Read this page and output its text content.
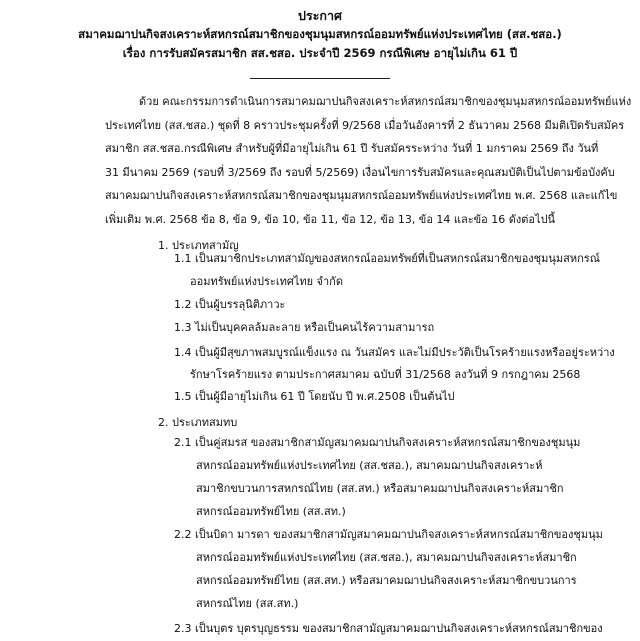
ประกาศ
สมาคมฌาปนกิจสงเคราะห์สหกรณ์สมาชิกของชุมนุมสหกรณ์ออมทรัพย์แห่งประเทศไทย (สส.ชสอ.)
เรื่อง การรับสมัครสมาชิก สส.ชสอ. ประจำปี 2569 กรณีพิเศษ อายุไม่เกิน 61 ปี
ด้วย คณะกรรมการดำเนินการสมาคมฌาปนกิจสงเคราะห์สหกรณ์สมาชิกของชุมนุมสหกรณ์ออมทรัพย์แห่ง
ประเทศไทย (สส.ชสอ.) ชุดที่ 8 คราวประชุมครั้งที่ 9/2568 เมื่อวันอังคารที่ 2 ธันวาคม 2568 มีมติเปิดรับสมัคร
สมาชิก สส.ชสอ.กรณีพิเศษ สำหรับผู้ที่มีอายุไม่เกิน 61 ปี รับสมัครระหว่าง วันที่ 1 มกราคม 2569 ถึง วันที่
31 มีนาคม 2569 (รอบที่ 3/2569 ถึง รอบที่ 5/2569) เงื่อนไขการรับสมัครและคุณสมบัติเป็นไปตามข้อบังคับ
สมาคมฌาปนกิจสงเคราะห์สหกรณ์สมาชิกของชุมนุมสหกรณ์ออมทรัพย์แห่งประเทศไทย พ.ศ. 2568 และแก้ไข
เพิ่มเติม พ.ศ. 2568 ข้อ 8, ข้อ 9, ข้อ 10, ข้อ 11, ข้อ 12, ข้อ 13, ข้อ 14 และข้อ 16 ดังต่อไปนี้
1. ประเภทสามัญ
1.1 เป็นสมาชิกประเภทสามัญของสหกรณ์ออมทรัพย์ที่เป็นสหกรณ์สมาชิกของชุมนุมสหกรณ์
ออมทรัพย์แห่งประเทศไทย จำกัด
1.2 เป็นผู้บรรลุนิติภาวะ
1.3 ไม่เป็นบุคคลล้มละลาย หรือเป็นคนไร้ความสามารถ
1.4 เป็นผู้มีสุขภาพสมบูรณ์แข็งแรง ณ วันสมัคร และไม่มีประวัติเป็นโรคร้ายแรงหรืออยู่ระหว่าง
รักษาโรคร้ายแรง ตามประกาศสมาคม ฉบับที่ 31/2568 ลงวันที่ 9 กรกฎาคม 2568
1.5 เป็นผู้มีอายุไม่เกิน 61 ปี โดยนับ ปี พ.ศ.2508 เป็นต้นไป
2. ประเภทสมทบ
2.1 เป็นคู่สมรส ของสมาชิกสามัญสมาคมฌาปนกิจสงเคราะห์สหกรณ์สมาชิกของชุมนุม
สหกรณ์ออมทรัพย์แห่งประเทศไทย (สส.ชสอ.), สมาคมฌาปนกิจสงเคราะห์
สมาชิกขบวนการสหกรณ์ไทย (สส.สท.) หรือสมาคมฌาปนกิจสงเคราะห์สมาชิก
สหกรณ์ออมทรัพย์ไทย (สส.สท.)
2.2 เป็นบิดา มารดา ของสมาชิกสามัญสมาคมฌาปนกิจสงเคราะห์สหกรณ์สมาชิกของชุมนุม
สหกรณ์ออมทรัพย์แห่งประเทศไทย (สส.ชสอ.), สมาคมฌาปนกิจสงเคราะห์สมาชิก
สหกรณ์ออมทรัพย์ไทย (สส.สท.) หรือสมาคมฌาปนกิจสงเคราะห์สมาชิกขบวนการ
สหกรณ์ไทย (สส.สท.)
2.3 เป็นบุตร บุตรบุญธรรม ของสมาชิกสามัญสมาคมฌาปนกิจสงเคราะห์สหกรณ์สมาชิกของ
